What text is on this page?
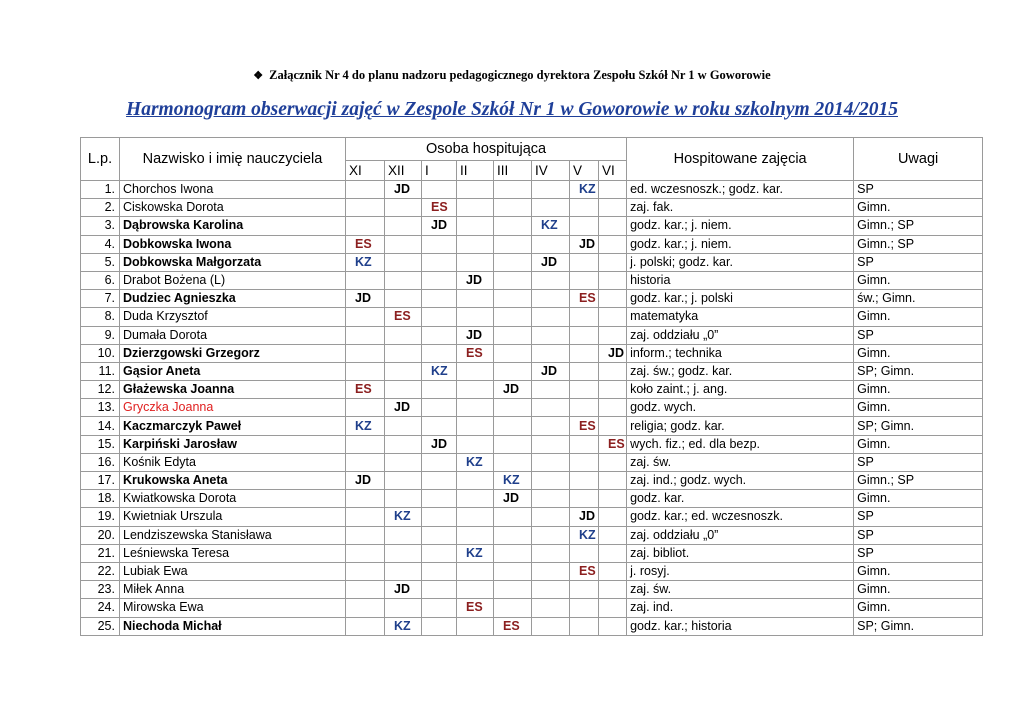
❖ Załącznik Nr 4 do planu nadzoru pedagogicznego dyrektora Zespołu Szkół Nr 1 w Goworowie
Harmonogram obserwacji zajęć w Zespole Szkół Nr 1 w Goworowie w roku szkolnym 2014/2015
L.p.	Nazwisko i imię nauczyciela	Osoba hospitująca								Hospitowane zajęcia	Uwagi
		XI	XII	I	II	III	IV	V	VI		
1.	Chorchos Iwona		JD					KZ		ed. wczesnoszk.; godz. kar.	SP
2.	Ciskowska Dorota			ES						zaj. fak.	Gimn.
3.	Dąbrowska Karolina			JD			KZ			godz. kar.; j. niem.	Gimn.; SP
4.	Dobkowska Iwona	ES						JD		godz. kar.; j. niem.	Gimn.; SP
5.	Dobkowska Małgorzata	KZ					JD			j. polski; godz. kar.	SP
6.	Drabot Bożena (L)				JD					historia	Gimn.
7.	Dudziec Agnieszka	JD						ES		godz. kar.; j. polski	św.; Gimn.
8.	Duda Krzysztof		ES							matematyka	Gimn.
9.	Dumała Dorota				JD					zaj. oddziału „0”	SP
10.	Dzierzgowski Grzegorz				ES				JD	inform.; technika	Gimn.
11.	Gąsior Aneta			KZ			JD			zaj. św.; godz. kar.	SP; Gimn.
12.	Głażewska Joanna	ES				JD				koło zaint.; j. ang.	Gimn.
13.	Gryczka Joanna		JD							godz. wych.	Gimn.
14.	Kaczmarczyk Paweł	KZ						ES		religia; godz. kar.	SP; Gimn.
15.	Karpiński Jarosław			JD					ES	wych. fiz.; ed. dla bezp.	Gimn.
16.	Kośnik Edyta				KZ					zaj. św.	SP
17.	Krukowska Aneta	JD				KZ				zaj. ind.; godz. wych.	Gimn.; SP
18.	Kwiatkowska Dorota					JD				godz. kar.	Gimn.
19.	Kwietniak Urszula		KZ					JD		godz. kar.; ed. wczesnoszk.	SP
20.	Lendziszewska Stanisława							KZ		zaj. oddziału „0”	SP
21.	Leśniewska Teresa				KZ					zaj. bibliot.	SP
22.	Lubiak Ewa							ES		j. rosyj.	Gimn.
23.	Miłek Anna		JD							zaj. św.	Gimn.
24.	Mirowska Ewa				ES					zaj. ind.	Gimn.
25.	Niechoda Michał		KZ			ES				godz. kar.; historia	SP; Gimn.
